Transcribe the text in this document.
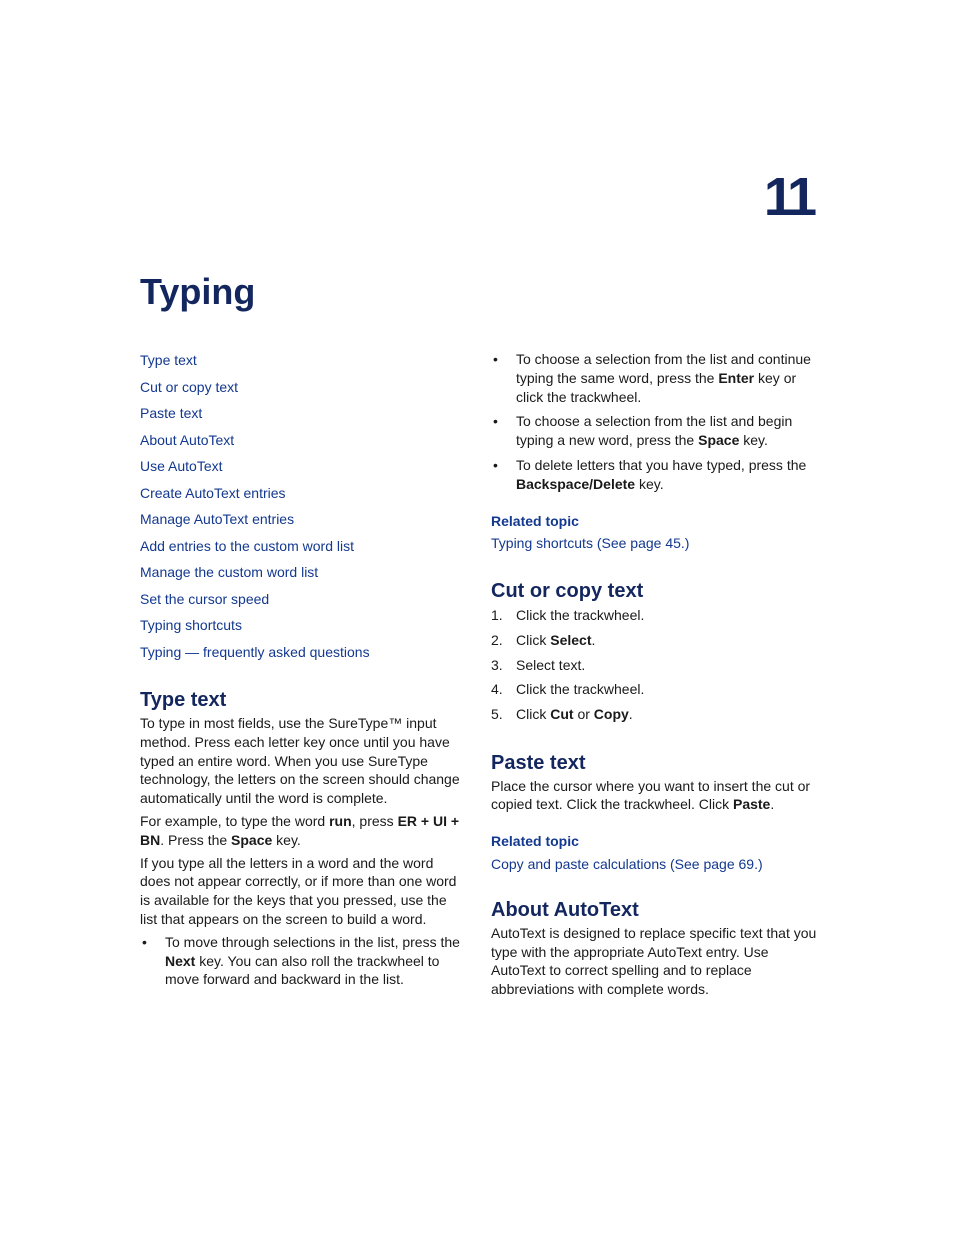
11
Typing
Type text
Cut or copy text
Paste text
About AutoText
Use AutoText
Create AutoText entries
Manage AutoText entries
Add entries to the custom word list
Manage the custom word list
Set the cursor speed
Typing shortcuts
Typing — frequently asked questions
Type text

To type in most fields, use the SureType™ input method. Press each letter key once until you have typed an entire word. When you use SureType technology, the letters on the screen should change automatically until the word is complete.

For example, to type the word run, press ER + UI + BN. Press the Space key.

If you type all the letters in a word and the word does not appear correctly, or if more than one word is available for the keys that you pressed, use the list that appears on the screen to build a word.

• To move through selections in the list, press the Next key. You can also roll the trackwheel to move forward and backward in the list.
• To choose a selection from the list and continue typing the same word, press the Enter key or click the trackwheel.
• To choose a selection from the list and begin typing a new word, press the Space key.
• To delete letters that you have typed, press the Backspace/Delete key.

Related topic

Typing shortcuts (See page 45.)

Cut or copy text
1. Click the trackwheel.
2. Click Select.
3. Select text.
4. Click the trackwheel.
5. Click Cut or Copy.
Paste text

Place the cursor where you want to insert the cut or copied text. Click the trackwheel. Click Paste.

Related topic

Copy and paste calculations (See page 69.)

About AutoText

AutoText is designed to replace specific text that you type with the appropriate AutoText entry. Use AutoText to correct spelling and to replace abbreviations with complete words.
